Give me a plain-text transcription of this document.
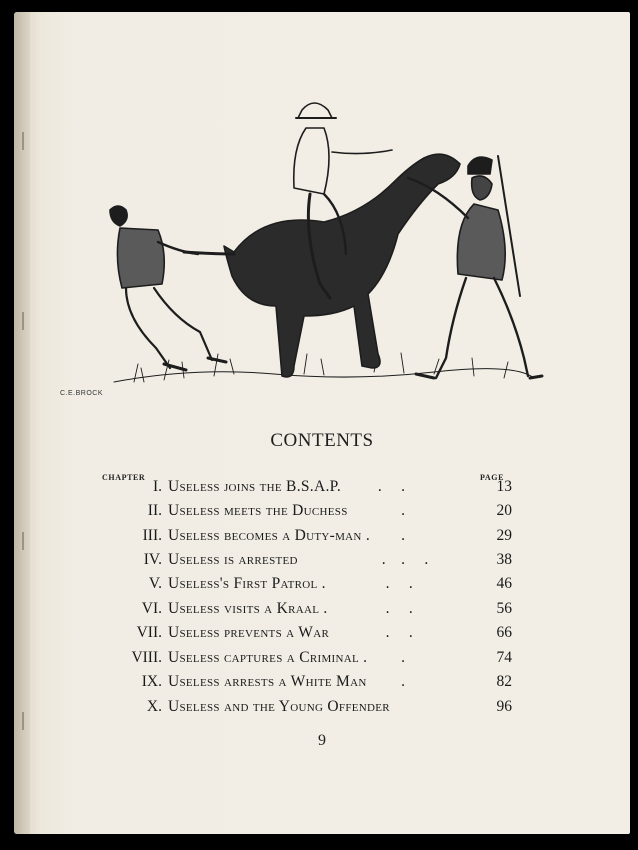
C.E.BROCK
CONTENTS
CHAPTER	PAGE
I. Useless joins the B.S.A.P. .     .	13
II. Useless meets the Duchess .	20
III. Useless becomes a Duty-man . .	29
IV. Useless is arrested	.    .     .	38
V. Useless's First Patrol .	.     .	46
VI. Useless visits a Kraal .	.     .	56
VII. Useless prevents a War	.     .	66
VIII. Useless captures a Criminal . .	74
IX. Useless arrests a White Man .	82
X. Useless and the Young Offender	96
9
